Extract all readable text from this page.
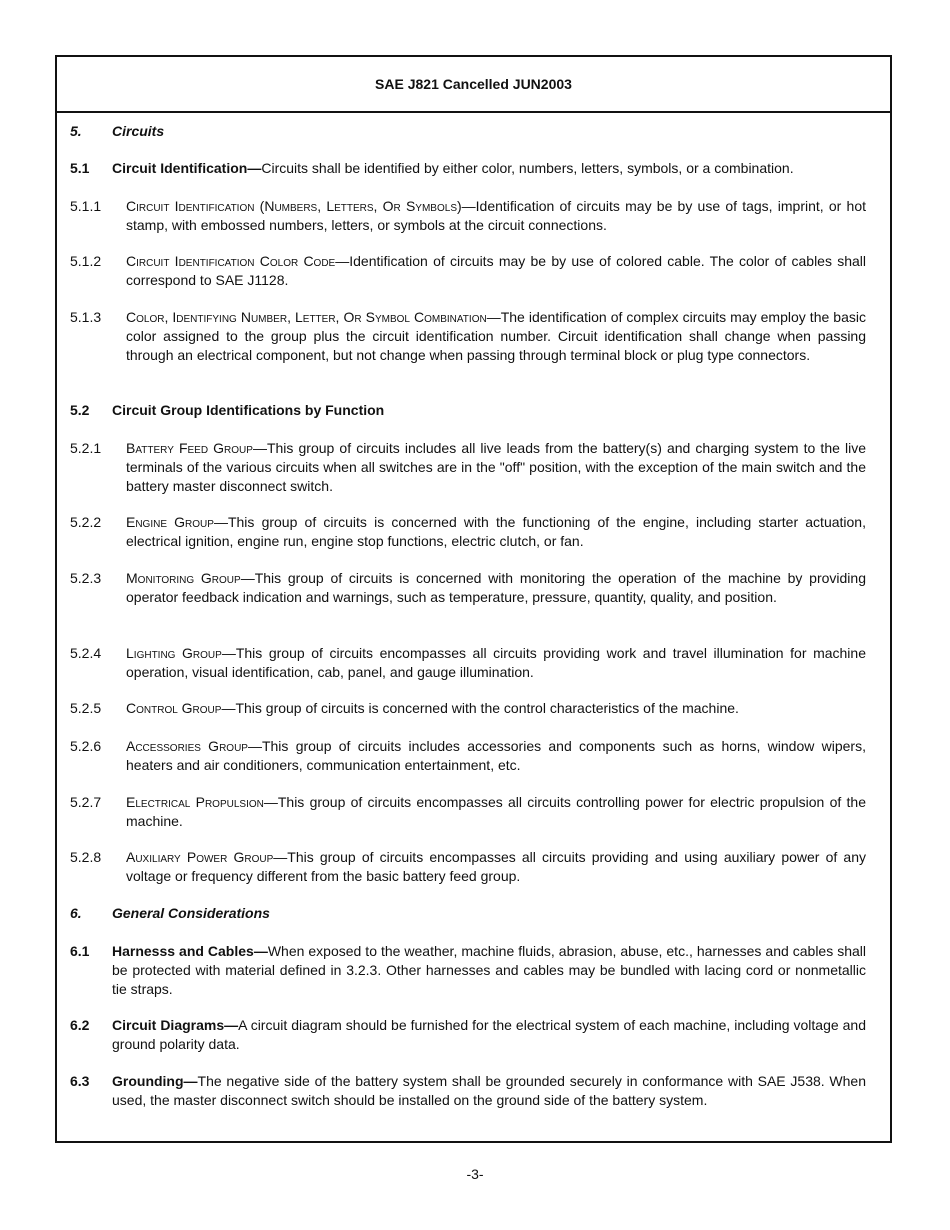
SAE J821 Cancelled JUN2003
5. Circuits
5.1	Circuit Identification—Circuits shall be identified by either color, numbers, letters, symbols, or a combination.
5.1.1	Circuit Identification (Numbers, Letters, Or Symbols)—Identification of circuits may be by use of tags, imprint, or hot stamp, with embossed numbers, letters, or symbols at the circuit connections.
5.1.2	Circuit Identification Color Code—Identification of circuits may be by use of colored cable. The color of cables shall correspond to SAE J1128.
5.1.3	Color, Identifying Number, Letter, Or Symbol Combination—The identification of complex circuits may employ the basic color assigned to the group plus the circuit identification number. Circuit identification shall change when passing through an electrical component, but not change when passing through terminal block or plug type connectors.
5.2 Circuit Group Identifications by Function
5.2.1	Battery Feed Group—This group of circuits includes all live leads from the battery(s) and charging system to the live terminals of the various circuits when all switches are in the "off" position, with the exception of the main switch and the battery master disconnect switch.
5.2.2	Engine Group—This group of circuits is concerned with the functioning of the engine, including starter actuation, electrical ignition, engine run, engine stop functions, electric clutch, or fan.
5.2.3	Monitoring Group—This group of circuits is concerned with monitoring the operation of the machine by providing operator feedback indication and warnings, such as temperature, pressure, quantity, quality, and position.
5.2.4	Lighting Group—This group of circuits encompasses all circuits providing work and travel illumination for machine operation, visual identification, cab, panel, and gauge illumination.
5.2.5	Control Group—This group of circuits is concerned with the control characteristics of the machine.
5.2.6	Accessories Group—This group of circuits includes accessories and components such as horns, window wipers, heaters and air conditioners, communication entertainment, etc.
5.2.7	Electrical Propulsion—This group of circuits encompasses all circuits controlling power for electric propulsion of the machine.
5.2.8	Auxiliary Power Group—This group of circuits encompasses all circuits providing and using auxiliary power of any voltage or frequency different from the basic battery feed group.
6. General Considerations
6.1	Harnesss and Cables—When exposed to the weather, machine fluids, abrasion, abuse, etc., harnesses and cables shall be protected with material defined in 3.2.3. Other harnesses and cables may be bundled with lacing cord or nonmetallic tie straps.
6.2	Circuit Diagrams—A circuit diagram should be furnished for the electrical system of each machine, including voltage and ground polarity data.
6.3	Grounding—The negative side of the battery system shall be grounded securely in conformance with SAE J538. When used, the master disconnect switch should be installed on the ground side of the battery system.
-3-
